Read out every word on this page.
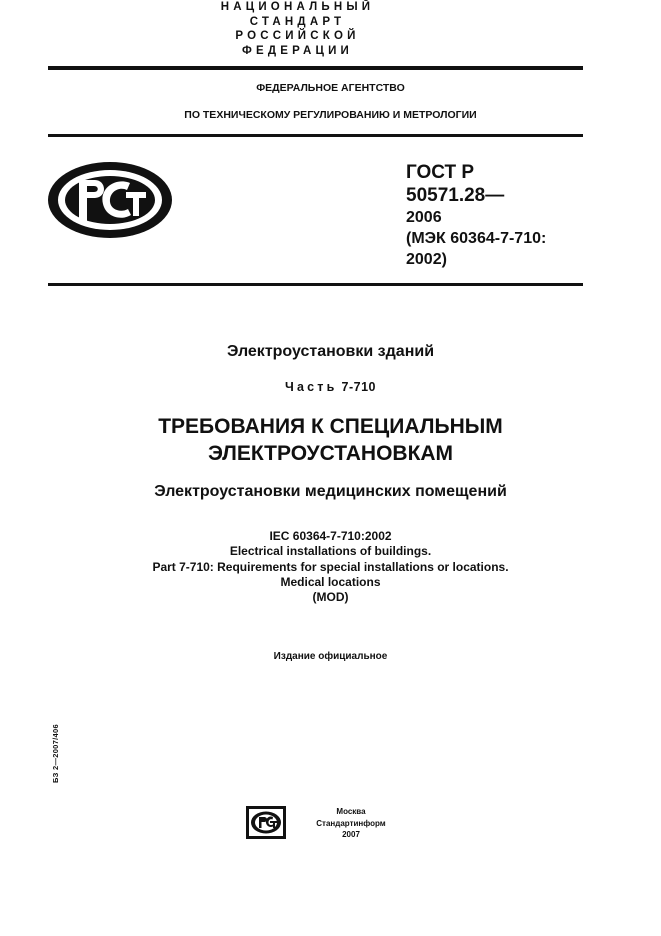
ФЕДЕРАЛЬНОЕ АГЕНТСТВО
ПО ТЕХНИЧЕСКОМУ РЕГУЛИРОВАНИЮ И МЕТРОЛОГИИ
НАЦИОНАЛЬНЫЙ
СТАНДАРТ
РОССИЙСКОЙ
ФЕДЕРАЦИИ
ГОСТ Р
50571.28—
2006
(МЭК 60364-7-710:
2002)
Электроустановки зданий
Часть 7-710
ТРЕБОВАНИЯ К СПЕЦИАЛЬНЫМ
ЭЛЕКТРОУСТАНОВКАМ
Электроустановки медицинских помещений
IEC 60364-7-710:2002
Electrical installations of buildings.
Part 7-710: Requirements for special installations or locations.
Medical locations
(MOD)
Издание официальное
БЗ 2—2007/406
Москва
Стандартинформ
2007
